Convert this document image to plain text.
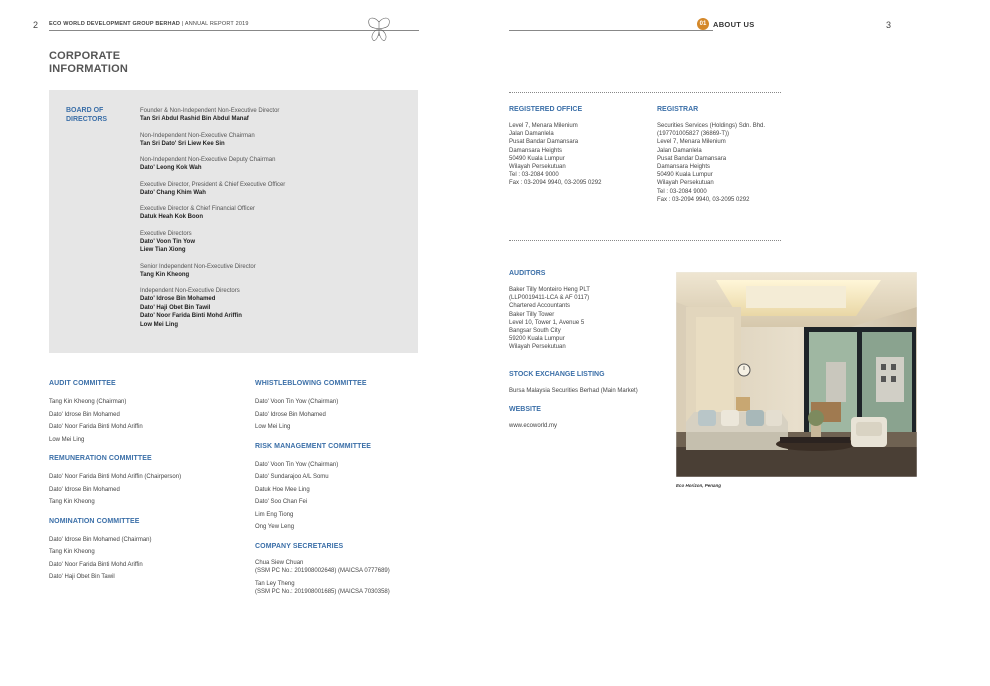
2 ECO WORLD DEVELOPMENT GROUP BERHAD | ANNUAL REPORT 2019
CORPORATE
INFORMATION
BOARD OF
DIRECTORS
Founder & Non-Independent Non-Executive Director
Tan Sri Abdul Rashid Bin Abdul Manaf
Non-Independent Non-Executive Chairman
Tan Sri Dato' Sri Liew Kee Sin
Non-Independent Non-Executive Deputy Chairman
Dato' Leong Kok Wah
Executive Director, President & Chief Executive Officer
Dato' Chang Khim Wah
Executive Director & Chief Financial Officer
Datuk Heah Kok Boon
Executive Directors
Dato' Voon Tin Yow
Liew Tian Xiong
Senior Independent Non-Executive Director
Tang Kin Kheong
Independent Non-Executive Directors
Dato' Idrose Bin Mohamed
Dato' Haji Obet Bin Tawil
Dato' Noor Farida Binti Mohd Ariffin
Low Mei Ling
AUDIT COMMITTEE
Tang Kin Kheong (Chairman)
Dato' Idrose Bin Mohamed
Dato' Noor Farida Binti Mohd Ariffin
Low Mei Ling
REMUNERATION COMMITTEE
Dato' Noor Farida Binti Mohd Ariffin (Chairperson)
Dato' Idrose Bin Mohamed
Tang Kin Kheong
NOMINATION COMMITTEE
Dato' Idrose Bin Mohamed (Chairman)
Tang Kin Kheong
Dato' Noor Farida Binti Mohd Ariffin
Dato' Haji Obet Bin Tawil
WHISTLEBLOWING COMMITTEE
Dato' Voon Tin Yow (Chairman)
Dato' Idrose Bin Mohamed
Low Mei Ling
RISK MANAGEMENT COMMITTEE
Dato' Voon Tin Yow (Chairman)
Dato' Sundarajoo A/L Somu
Datuk Hoe Mee Ling
Dato' Soo Chan Fei
Lim Eng Tiong
Ong Yew Leng
COMPANY SECRETARIES
Chua Siew Chuan
(SSM PC No.: 201908002648) (MAICSA 0777689)
Tan Ley Theng
(SSM PC No.: 201908001685) (MAICSA 7030358)
01 ABOUT US	3
REGISTERED OFFICE
Level 7, Menara Milenium
Jalan Damanlela
Pusat Bandar Damansara
Damansara Heights
50490 Kuala Lumpur
Wilayah Persekutuan
Tel : 03-2084 9000
Fax : 03-2094 9940, 03-2095 0292
REGISTRAR
Securities Services (Holdings) Sdn. Bhd.
(197701005827 (36869-T))
Level 7, Menara Milenium
Jalan Damanlela
Pusat Bandar Damansara
Damansara Heights
50490 Kuala Lumpur
Wilayah Persekutuan
Tel : 03-2084 9000
Fax : 03-2094 9940, 03-2095 0292
AUDITORS
Baker Tilly Monteiro Heng PLT
(LLP0019411-LCA & AF 0117)
Chartered Accountants
Baker Tilly Tower
Level 10, Tower 1, Avenue 5
Bangsar South City
59200 Kuala Lumpur
Wilayah Persekutuan
STOCK EXCHANGE LISTING
Bursa Malaysia Securities Berhad (Main Market)
WEBSITE
www.ecoworld.my
Eco Horizon, Penang
